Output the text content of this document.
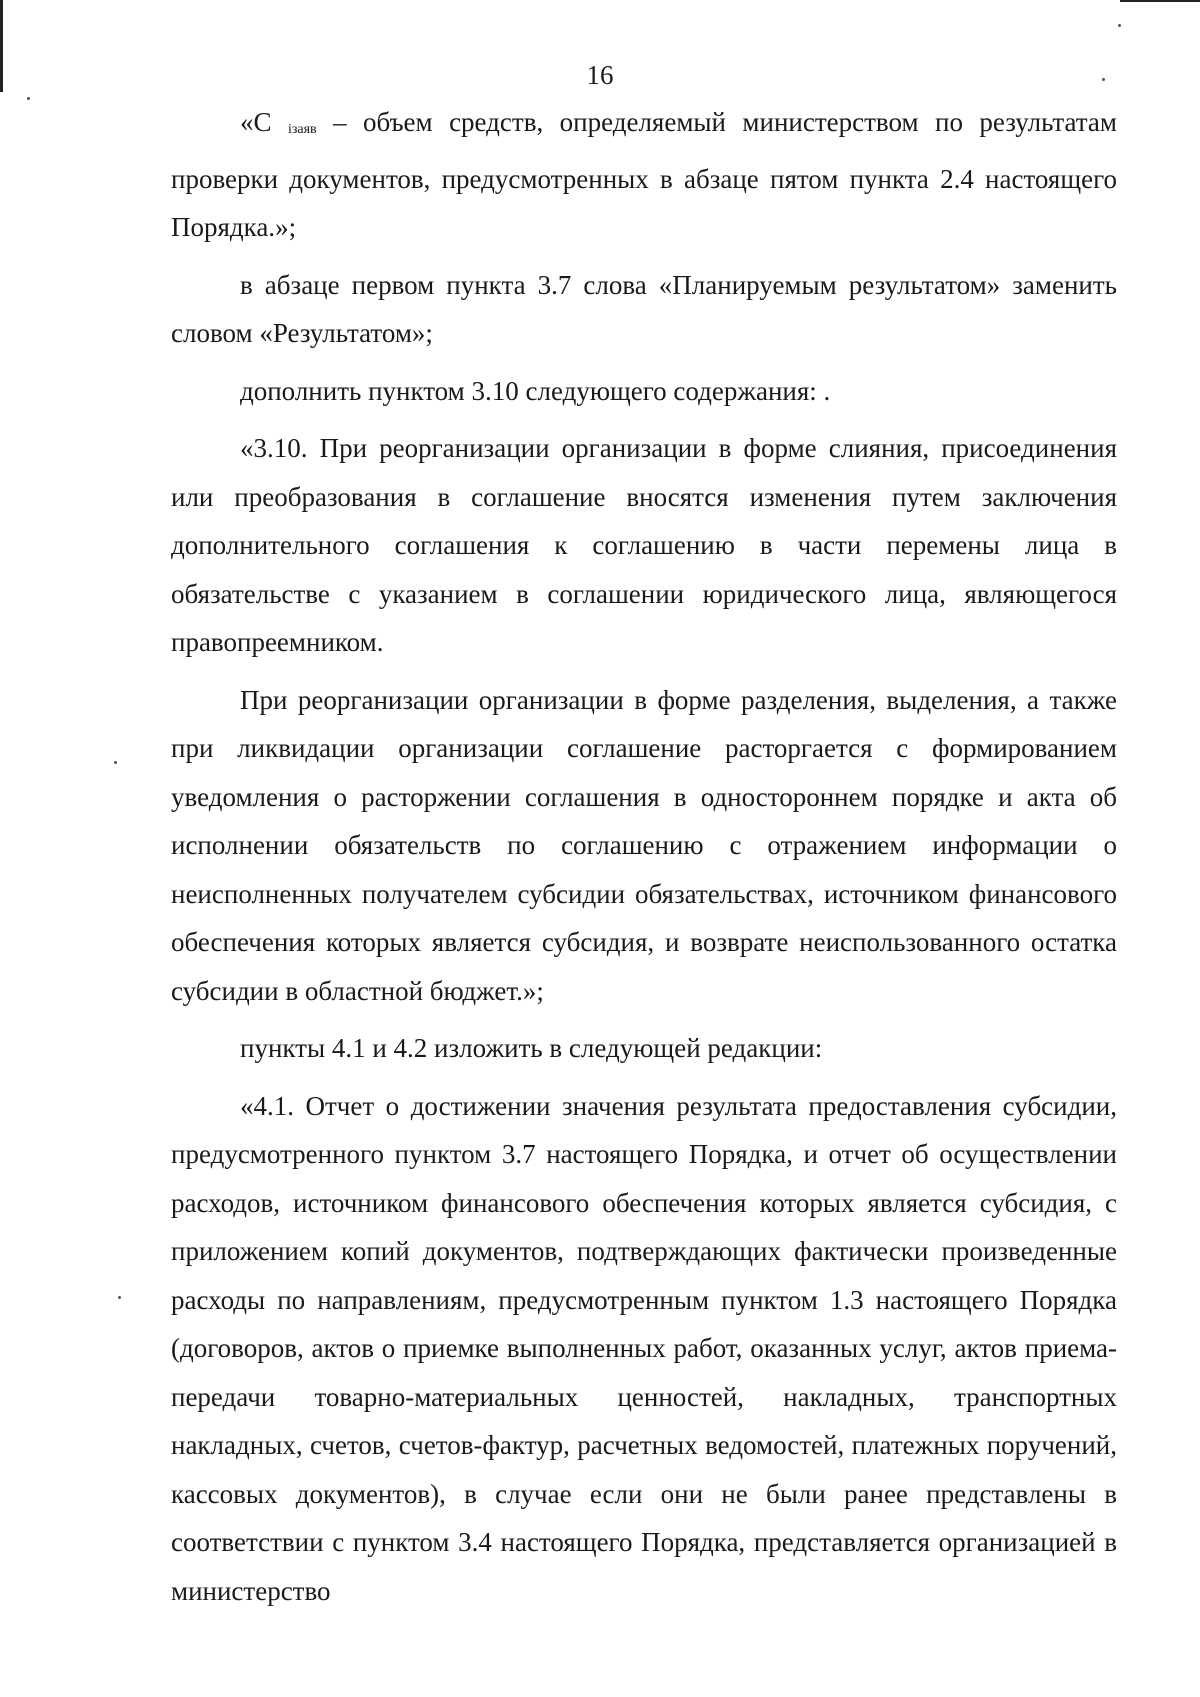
16

«С iзаяв – объем средств, определяемый министерством по результатам проверки документов, предусмотренных в абзаце пятом пункта 2.4 настоящего Порядка.»;

в абзаце первом пункта 3.7 слова «Планируемым результатом» заменить словом «Результатом»;

дополнить пунктом 3.10 следующего содержания: .

«3.10. При реорганизации организации в форме слияния, присоединения или преобразования в соглашение вносятся изменения путем заключения дополнительного соглашения к соглашению в части перемены лица в обязательстве с указанием в соглашении юридического лица, являющегося правопреемником.

При реорганизации организации в форме разделения, выделения, а также при ликвидации организации соглашение расторгается с формированием уведомления о расторжении соглашения в одностороннем порядке и акта об исполнении обязательств по соглашению с отражением информации о неисполненных получателем субсидии обязательствах, источником финансового обеспечения которых является субсидия, и возврате неиспользованного остатка субсидии в областной бюджет.»;

пункты 4.1 и 4.2 изложить в следующей редакции:

«4.1. Отчет о достижении значения результата предоставления субсидии, предусмотренного пунктом 3.7 настоящего Порядка, и отчет об осуществлении расходов, источником финансового обеспечения которых является субсидия, с приложением копий документов, подтверждающих фактически произведенные расходы по направлениям, предусмотренным пунктом 1.3 настоящего Порядка (договоров, актов о приемке выполненных работ, оказанных услуг, актов приема-передачи товарно-материальных ценностей, накладных, транспортных накладных, счетов, счетов-фактур, расчетных ведомостей, платежных поручений, кассовых документов), в случае если они не были ранее представлены в соответствии с пунктом 3.4 настоящего Порядка, представляется организацией в министерство
